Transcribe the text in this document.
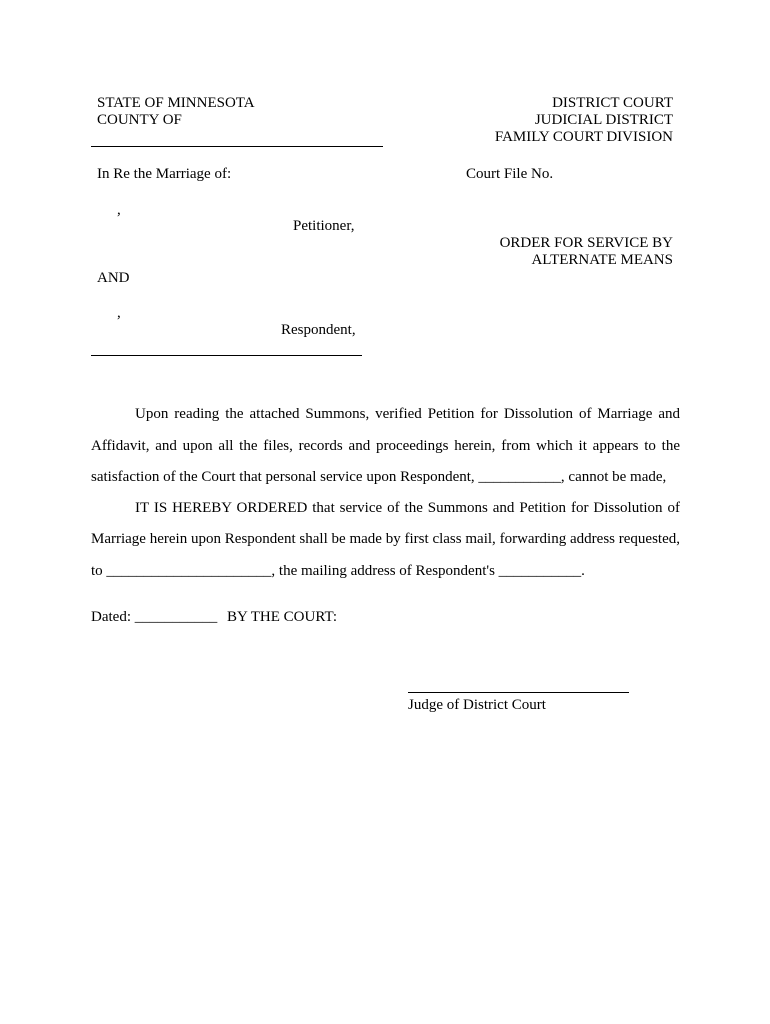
STATE OF MINNESOTA
COUNTY OF
DISTRICT COURT
JUDICIAL DISTRICT
FAMILY COURT DIVISION
In Re the Marriage of:	Court File No.
,
Petitioner,
ORDER FOR SERVICE BY
ALTERNATE MEANS
AND
,
Respondent,
Upon reading the attached Summons, verified Petition for Dissolution of Marriage and
Affidavit, and upon all the files, records and proceedings herein, from which it appears to the
satisfaction of the Court that personal service upon Respondent, ___________, cannot be made,
IT IS HEREBY ORDERED that service of the Summons and Petition for Dissolution of
Marriage herein upon Respondent shall be made by first class mail, forwarding address requested,
to ______________________, the mailing address of Respondent's ___________.
Dated: ___________ BY THE COURT:
Judge of District Court
